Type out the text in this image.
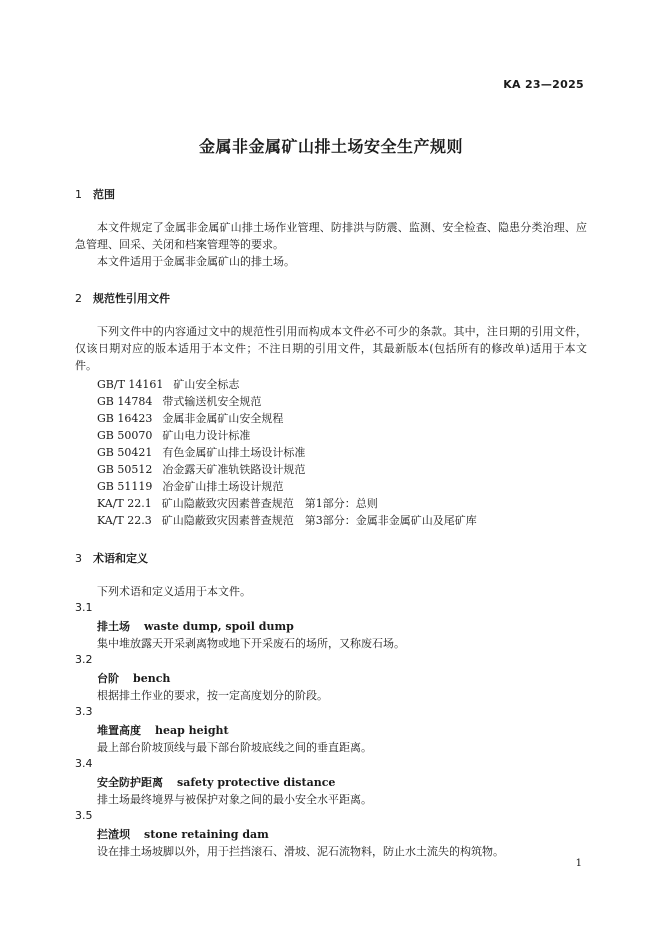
KA 23—2025
金属非金属矿山排土场安全生产规则
1 范围
本文件规定了金属非金属矿山排土场作业管理、防排洪与防震、监测、安全检查、隐患分类治理、应急管理、回采、关闭和档案管理等的要求。
本文件适用于金属非金属矿山的排土场。
2 规范性引用文件
下列文件中的内容通过文中的规范性引用而构成本文件必不可少的条款。其中，注日期的引用文件，仅该日期对应的版本适用于本文件；不注日期的引用文件，其最新版本(包括所有的修改单)适用于本文件。
GB/T 14161 矿山安全标志
GB 14784 带式输送机安全规范
GB 16423 金属非金属矿山安全规程
GB 50070 矿山电力设计标准
GB 50421 有色金属矿山排土场设计标准
GB 50512 冶金露天矿准轨铁路设计规范
GB 51119 冶金矿山排土场设计规范
KA/T 22.1 矿山隐蔽致灾因素普查规范　第1部分：总则
KA/T 22.3 矿山隐蔽致灾因素普查规范　第3部分：金属非金属矿山及尾矿库
3 术语和定义
下列术语和定义适用于本文件。
3.1
排土场 waste dump, spoil dump
集中堆放露天开采剥离物或地下开采废石的场所，又称废石场。
3.2
台阶 bench
根据排土作业的要求，按一定高度划分的阶段。
3.3
堆置高度 heap height
最上部台阶坡顶线与最下部台阶坡底线之间的垂直距离。
3.4
安全防护距离 safety protective distance
排土场最终境界与被保护对象之间的最小安全水平距离。
3.5
拦渣坝 stone retaining dam
设在排土场坡脚以外，用于拦挡滚石、滑坡、泥石流物料，防止水土流失的构筑物。
1
